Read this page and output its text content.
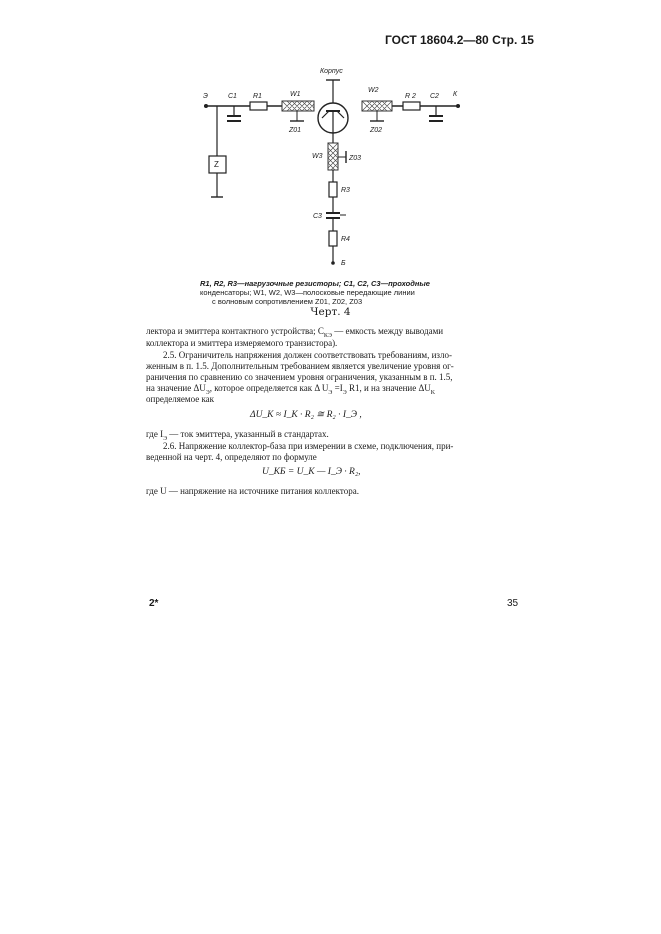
ГОСТ 18604.2—80 Стр. 15
Э	C1 R1	W1
Корпус
W2
R 2 C2 К
Z
Z01	Z02
W3	Z03
R3
C3
R4
Б
R1, R2, R3—нагрузочные резисторы; C1, C2, C3—проходные
конденсаторы; W1, W2, W3—полосковые передающие линии
с волновым сопротивлением Z01, Z02, Z03
Черт. 4
лектора и эмиттера контактного устройства; $C_{КЭ}$ — емкость между выводами
коллектора и эмиттера измеряемого транзистора).
2.5. Ограничитель напряжения должен соответствовать требованиям, изло-
женным в п. 1.5. Дополнительным требованием является увеличение уровня ог-
раничения по сравнению со значением уровня ограничения, указанным в п. 1.5,
на значение $\Delta U_Э$, которое определяется как Δ $U_Э =I_Э$ R1, и на значение $\Delta U_K$
определяемое как
ΔU_К ≈ I_К · R₂ ≅ R₂ · I_Э ,
где $I_Э$ — ток эмиттера, указанный в стандартах.
2.6. Напряжение коллектор-база при измерении в схеме, подключения, при-
веденной на черт. 4, определяют по формуле
U_КБ = U_К — I_Э · R₂,
где U — напряжение на источнике питания коллектора.
2*	35
